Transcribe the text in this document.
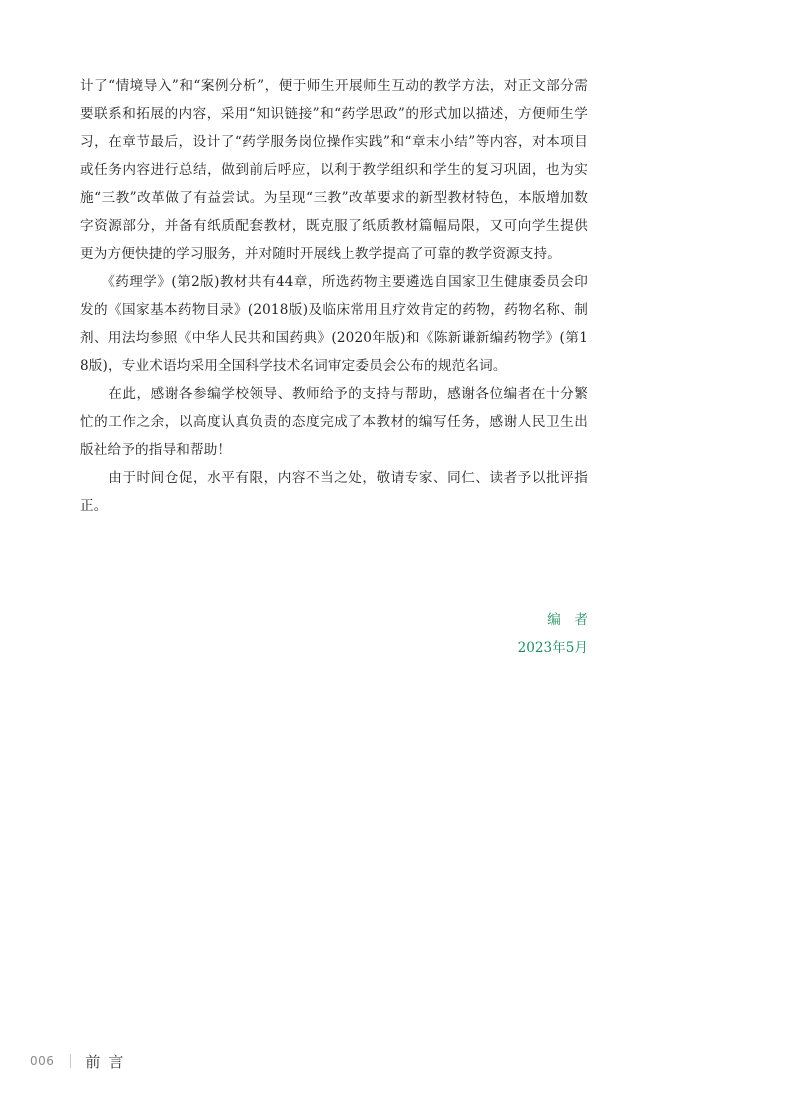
计了“情境导入”和“案例分析”，便于师生开展师生互动的教学方法，对正文部分需要联系和拓展的内容，采用“知识链接”和“药学思政”的形式加以描述，方便师生学习，在章节最后，设计了“药学服务岗位操作实践”和“章末小结”等内容，对本项目或任务内容进行总结，做到前后呼应，以利于教学组织和学生的复习巩固，也为实施“三教”改革做了有益尝试。为呈现“三教”改革要求的新型教材特色，本版增加数字资源部分，并备有纸质配套教材，既克服了纸质教材篇幅局限，又可向学生提供更为方便快捷的学习服务，并对随时开展线上教学提高了可靠的教学资源支持。

　　《药理学》(第2版)教材共有44章，所选药物主要遴选自国家卫生健康委员会印发的《国家基本药物目录》(2018版)及临床常用且疗效肯定的药物，药物名称、制剂、用法均参照《中华人民共和国药典》(2020年版)和《陈新谦新编药物学》(第18版)，专业术语均采用全国科学技术名词审定委员会公布的规范名词。

　　在此，感谢各参编学校领导、教师给予的支持与帮助，感谢各位编者在十分繁忙的工作之余，以高度认真负责的态度完成了本教材的编写任务，感谢人民卫生出版社给予的指导和帮助！

　　由于时间仓促，水平有限，内容不当之处，敬请专家、同仁、读者予以批评指正。

编　者
2023年5月
006 前言
